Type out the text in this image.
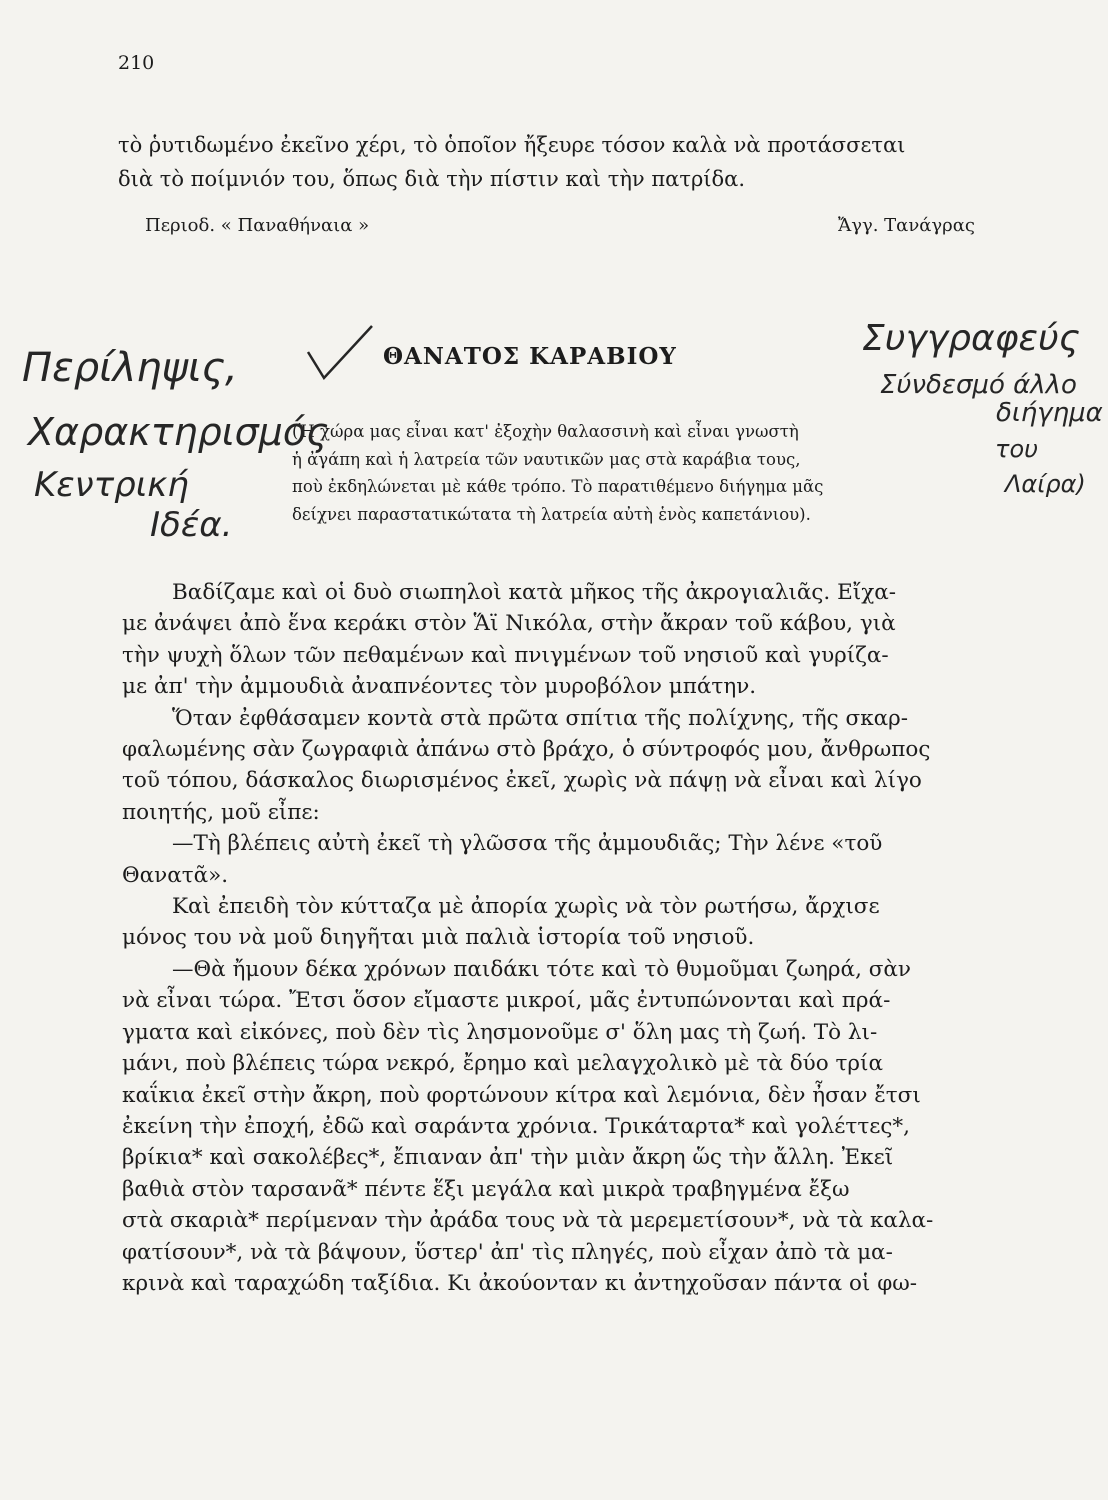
210
τὸ ῥυτιδωμένο ἐκεῖνο χέρι, τὸ ὁποῖον ἤξευρε τόσον καλὰ νὰ προτάσσεται
διὰ τὸ ποίμνιόν του, ὅπως διὰ τὴν πίστιν καὶ τὴν πατρίδα.
Περιοδ. « Παναθήναια »	Ἄγγ. Τανάγρας
ΘΑΝΑΤΟΣ ΚΑΡΑΒΙΟΥ
(Ἡ χώρα μας εἶναι κατ' ἐξοχὴν θαλασσινὴ καὶ εἶναι γνωστὴ
ἡ ἀγάπη καὶ ἡ λατρεία τῶν ναυτικῶν μας στὰ καράβια τους,
ποὺ ἐκδηλώνεται μὲ κάθε τρόπο. Τὸ παρατιθέμενο διήγημα μᾶς
δείχνει παραστατικώτατα τὴ λατρεία αὐτὴ ἑνὸς καπετάνιου).
Βαδίζαμε καὶ οἱ δυὸ σιωπηλοὶ κατὰ μῆκος τῆς ἀκρογιαλιᾶς. Εἴχα-
με ἀνάψει ἀπὸ ἕνα κεράκι στὸν Ἅϊ Νικόλα, στὴν ἄκραν τοῦ κάβου, γιὰ
τὴν ψυχὴ ὅλων τῶν πεθαμένων καὶ πνιγμένων τοῦ νησιοῦ καὶ γυρίζα-
με ἀπ' τὴν ἀμμουδιὰ ἀναπνέοντες τὸν μυροβόλον μπάτην.
Ὅταν ἐφθάσαμεν κοντὰ στὰ πρῶτα σπίτια τῆς πολίχνης, τῆς σκαρ-
φαλωμένης σὰν ζωγραφιὰ ἀπάνω στὸ βράχο, ὁ σύντροφός μου, ἄνθρωπος
τοῦ τόπου, δάσκαλος διωρισμένος ἐκεῖ, χωρὶς νὰ πάψῃ νὰ εἶναι καὶ λίγο
ποιητής, μοῦ εἶπε:
—Τὴ βλέπεις αὐτὴ ἐκεῖ τὴ γλῶσσα τῆς ἀμμουδιᾶς; Τὴν λένε «τοῦ
Θανατᾶ».
Καὶ ἐπειδὴ τὸν κύτταζα μὲ ἀπορία χωρὶς νὰ τὸν ρωτήσω, ἄρχισε
μόνος του νὰ μοῦ διηγῆται μιὰ παλιὰ ἱστορία τοῦ νησιοῦ.
—Θὰ ἤμουν δέκα χρόνων παιδάκι τότε καὶ τὸ θυμοῦμαι ζωηρά, σὰν
νὰ εἶναι τώρα. Ἔτσι ὅσον εἴμαστε μικροί, μᾶς ἐντυπώνονται καὶ πρά-
γματα καὶ εἰκόνες, ποὺ δὲν τὶς λησμονοῦμε σ' ὅλη μας τὴ ζωή. Τὸ λι-
μάνι, ποὺ βλέπεις τώρα νεκρό, ἔρημο καὶ μελαγχολικὸ μὲ τὰ δύο τρία
καΐκια ἐκεῖ στὴν ἄκρη, ποὺ φορτώνουν κίτρα καὶ λεμόνια, δὲν ἦσαν ἔτσι
ἐκείνη τὴν ἐποχή, ἐδῶ καὶ σαράντα χρόνια. Τρικάταρτα* καὶ γολέττες*,
βρίκια* καὶ σακολέβες*, ἔπιαναν ἀπ' τὴν μιὰν ἄκρη ὥς τὴν ἄλλη. Ἐκεῖ
βαθιὰ στὸν ταρσανᾶ* πέντε ἕξι μεγάλα καὶ μικρὰ τραβηγμένα ἔξω
στὰ σκαριὰ* περίμεναν τὴν ἀράδα τους νὰ τὰ μερεμετίσουν*, νὰ τὰ καλα-
φατίσουν*, νὰ τὰ βάψουν, ὕστερ' ἀπ' τὶς πληγές, ποὺ εἶχαν ἀπὸ τὰ μα-
κρινὰ καὶ ταραχώδη ταξίδια. Κι ἀκούονταν κι ἀντηχοῦσαν πάντα οἱ φω-
Περίληψις,
Χαρακτηρισμός
Κεντρική
Ιδέα.
Συγγραφεύς
Σύνδεσμό άλλο
διήγημα
του
Λαίρα)
